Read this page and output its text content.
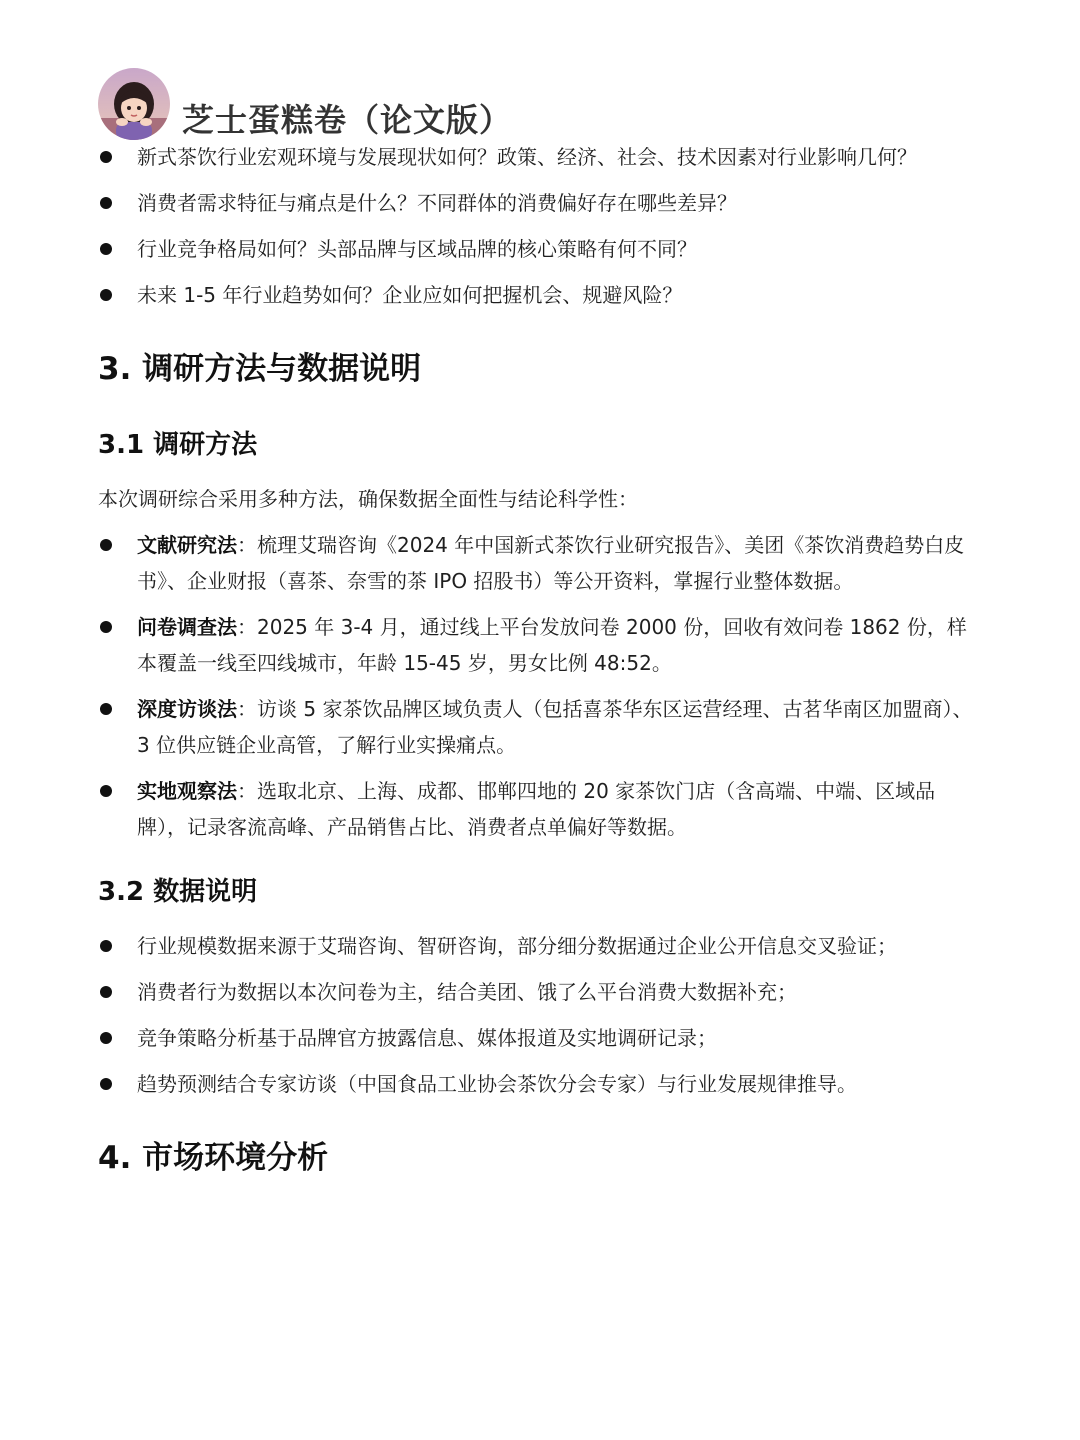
芝士蛋糕卷（论文版）
新式茶饮行业宏观环境与发展现状如何？政策、经济、社会、技术因素对行业影响几何？
消费者需求特征与痛点是什么？不同群体的消费偏好存在哪些差异？
行业竞争格局如何？头部品牌与区域品牌的核心策略有何不同？
未来 1-5 年行业趋势如何？企业应如何把握机会、规避风险？
3. 调研方法与数据说明
3.1 调研方法

本次调研综合采用多种方法，确保数据全面性与结论科学性：

文献研究法：梳理艾瑞咨询《2024 年中国新式茶饮行业研究报告》、美团《茶饮消费趋势白皮书》、企业财报（喜茶、奈雪的茶 IPO 招股书）等公开资料，掌握行业整体数据。
问卷调查法：2025 年 3-4 月，通过线上平台发放问卷 2000 份，回收有效问卷 1862 份，样本覆盖一线至四线城市，年龄 15-45 岁，男女比例 48:52。
深度访谈法：访谈 5 家茶饮品牌区域负责人（包括喜茶华东区运营经理、古茗华南区加盟商）、3 位供应链企业高管，了解行业实操痛点。
实地观察法：选取北京、上海、成都、邯郸四地的 20 家茶饮门店（含高端、中端、区域品牌），记录客流高峰、产品销售占比、消费者点单偏好等数据。
3.2 数据说明
行业规模数据来源于艾瑞咨询、智研咨询，部分细分数据通过企业公开信息交叉验证；
消费者行为数据以本次问卷为主，结合美团、饿了么平台消费大数据补充；
竞争策略分析基于品牌官方披露信息、媒体报道及实地调研记录；
趋势预测结合专家访谈（中国食品工业协会茶饮分会专家）与行业发展规律推导。
4. 市场环境分析
